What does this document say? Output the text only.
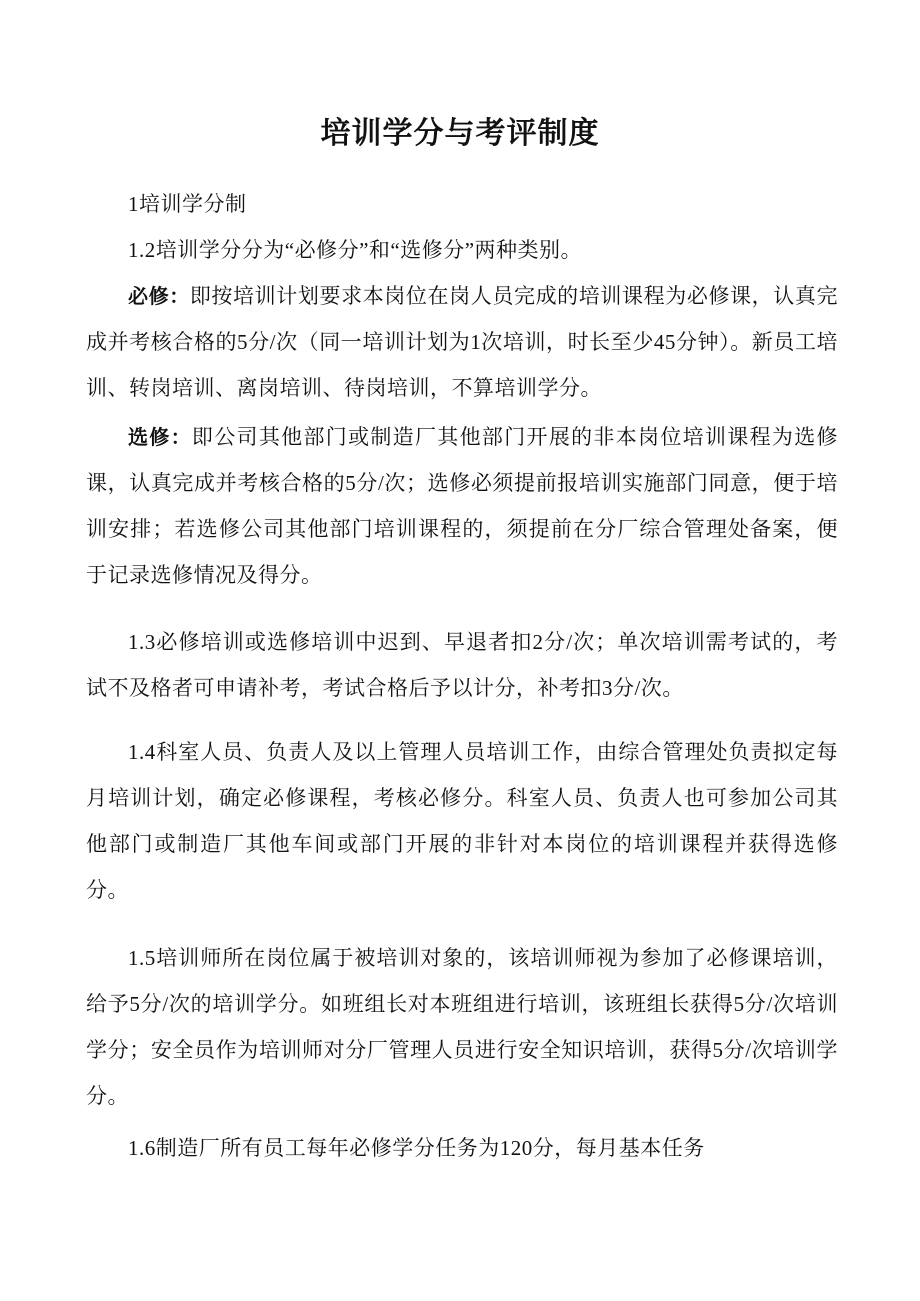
培训学分与考评制度
1培训学分制
1.2培训学分分为“必修分”和“选修分”两种类别。
必修：即按培训计划要求本岗位在岗人员完成的培训课程为必修课，认真完成并考核合格的5分/次（同一培训计划为1次培训，时长至少45分钟）。新员工培训、转岗培训、离岗培训、待岗培训，不算培训学分。
选修：即公司其他部门或制造厂其他部门开展的非本岗位培训课程为选修课，认真完成并考核合格的5分/次；选修必须提前报培训实施部门同意，便于培训安排；若选修公司其他部门培训课程的，须提前在分厂综合管理处备案，便于记录选修情况及得分。
1.3必修培训或选修培训中迟到、早退者扣2分/次；单次培训需考试的，考试不及格者可申请补考，考试合格后予以计分，补考扣3分/次。
1.4科室人员、负责人及以上管理人员培训工作，由综合管理处负责拟定每月培训计划，确定必修课程，考核必修分。科室人员、负责人也可参加公司其他部门或制造厂其他车间或部门开展的非针对本岗位的培训课程并获得选修分。
1.5培训师所在岗位属于被培训对象的，该培训师视为参加了必修课培训，给予5分/次的培训学分。如班组长对本班组进行培训，该班组长获得5分/次培训学分；安全员作为培训师对分厂管理人员进行安全知识培训，获得5分/次培训学分。
1.6制造厂所有员工每年必修学分任务为120分，每月基本任务
